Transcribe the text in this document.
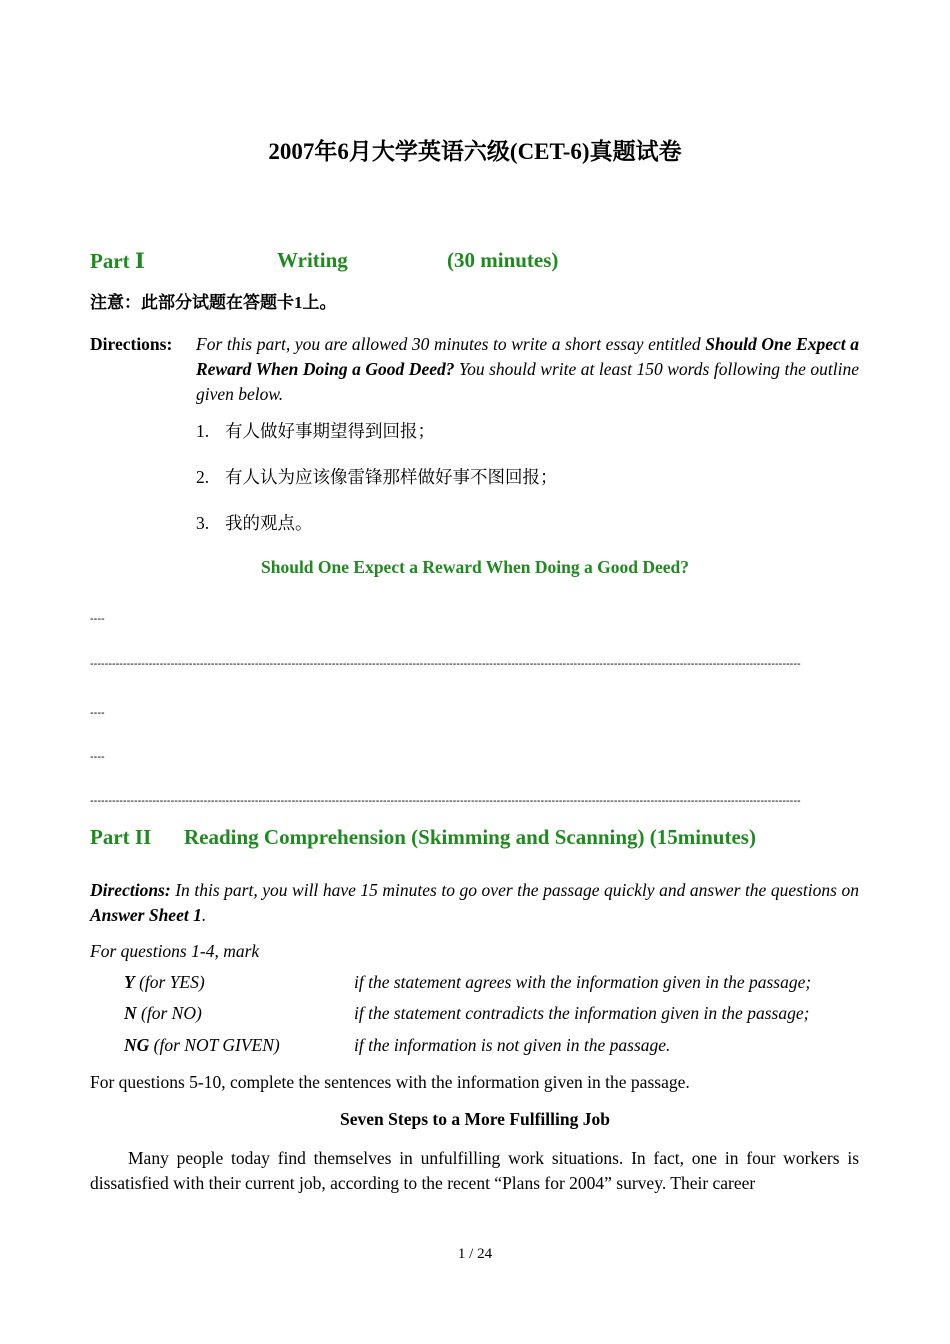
2007年6月大学英语六级(CET-6)真题试卷
Part Ⅰ	Writing	(30 minutes)
注意：此部分试题在答题卡1上。
Directions: For this part, you are allowed 30 minutes to write a short essay entitled Should One Expect a Reward When Doing a Good Deed? You should write at least 150 words following the outline given below.
1. 有人做好事期望得到回报；
2. 有人认为应该像雷锋那样做好事不图回报；
3. 我的观点。
Should One Expect a Reward When Doing a Good Deed?
----
--------------------------------------------------------------------------------------------------------------------------------------------------------------------------------------------------
----
----
--------------------------------------------------------------------------------------------------------------------------------------------------------------------------------------------------
Part II Reading Comprehension (Skimming and Scanning) (15minutes)
Directions: In this part, you will have 15 minutes to go over the passage quickly and answer the questions on Answer Sheet 1.
For questions 1-4, mark
Y (for YES)	if the statement agrees with the information given in the passage;
N (for NO)	if the statement contradicts the information given in the passage;
NG (for NOT GIVEN)	if the information is not given in the passage.
For questions 5-10, complete the sentences with the information given in the passage.
Seven Steps to a More Fulfilling Job
Many people today find themselves in unfulfilling work situations. In fact, one in four workers is dissatisfied with their current job, according to the recent “Plans for 2004” survey. Their career
1 / 24
